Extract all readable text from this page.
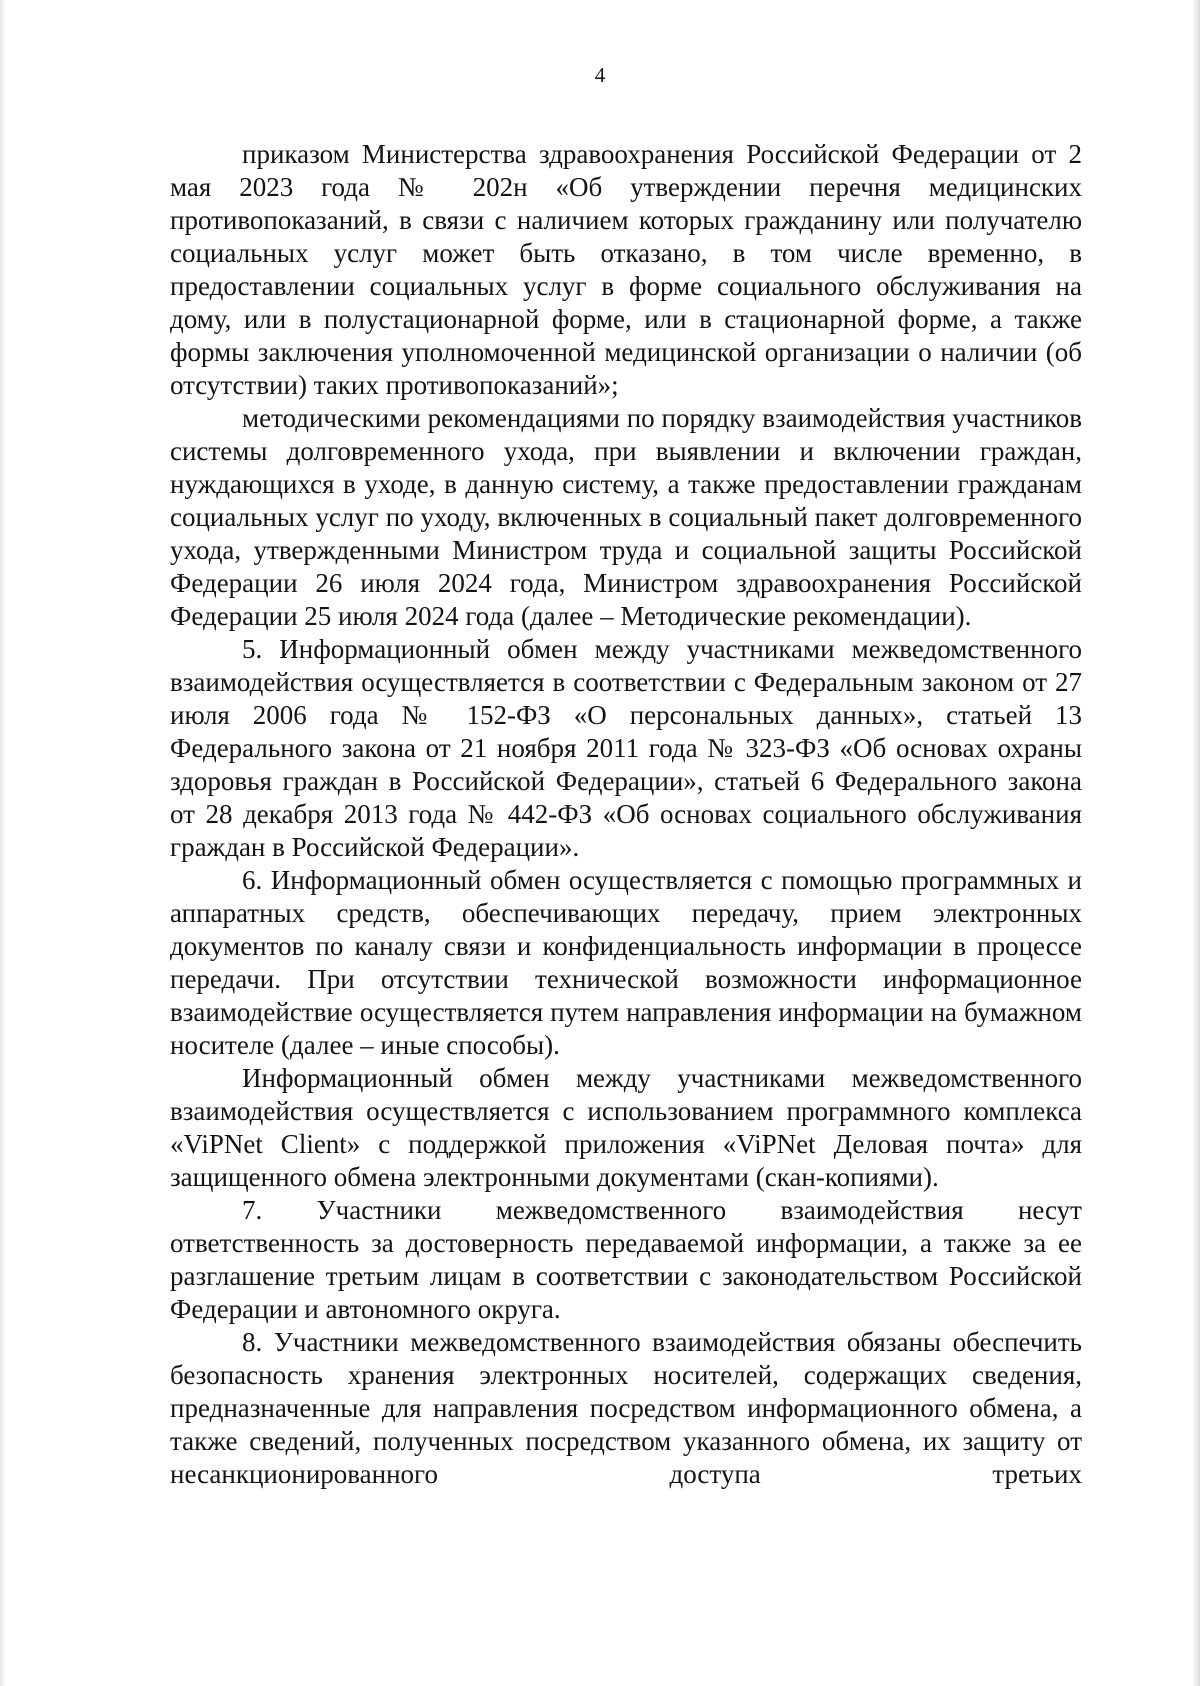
4

приказом Министерства здравоохранения Российской Федерации от 2 мая 2023 года № 202н «Об утверждении перечня медицинских противопоказаний, в связи с наличием которых гражданину или получателю социальных услуг может быть отказано, в том числе временно, в предоставлении социальных услуг в форме социального обслуживания на дому, или в полустационарной форме, или в стационарной форме, а также формы заключения уполномоченной медицинской организации о наличии (об отсутствии) таких противопоказаний»;

методическими рекомендациями по порядку взаимодействия участников системы долговременного ухода, при выявлении и включении граждан, нуждающихся в уходе, в данную систему, а также предоставлении гражданам социальных услуг по уходу, включенных в социальный пакет долговременного ухода, утвержденными Министром труда и социальной защиты Российской Федерации 26 июля 2024 года, Министром здравоохранения Российской Федерации 25 июля 2024 года (далее – Методические рекомендации).

5. Информационный обмен между участниками межведомственного взаимодействия осуществляется в соответствии с Федеральным законом от 27 июля 2006 года № 152-ФЗ «О персональных данных», статьей 13 Федерального закона от 21 ноября 2011 года № 323-ФЗ «Об основах охраны здоровья граждан в Российской Федерации», статьей 6 Федерального закона от 28 декабря 2013 года № 442-ФЗ «Об основах социального обслуживания граждан в Российской Федерации».

6. Информационный обмен осуществляется с помощью программных и аппаратных средств, обеспечивающих передачу, прием электронных документов по каналу связи и конфиденциальность информации в процессе передачи. При отсутствии технической возможности информационное взаимодействие осуществляется путем направления информации на бумажном носителе (далее – иные способы).

Информационный обмен между участниками межведомственного взаимодействия осуществляется с использованием программного комплекса «ViPNet Client» с поддержкой приложения «ViPNet Деловая почта» для защищенного обмена электронными документами (скан-копиями).

7. Участники межведомственного взаимодействия несут ответственность за достоверность передаваемой информации, а также за ее разглашение третьим лицам в соответствии с законодательством Российской Федерации и автономного округа.

8. Участники межведомственного взаимодействия обязаны обеспечить безопасность хранения электронных носителей, содержащих сведения, предназначенные для направления посредством информационного обмена, а также сведений, полученных посредством указанного обмена, их защиту от несанкционированного доступа третьих
